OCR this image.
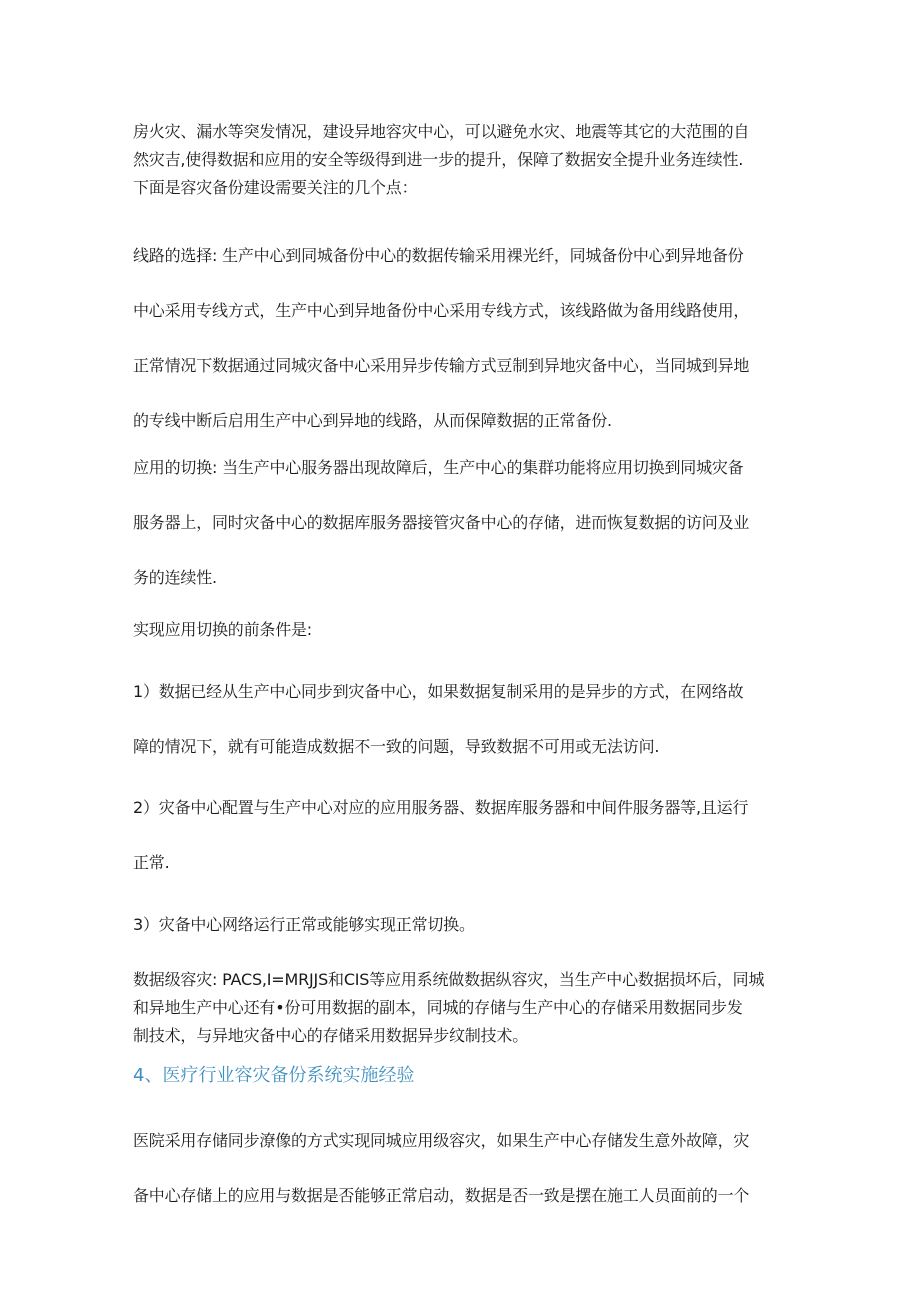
房火灾、漏水等突发情况，建设异地容灾中心，可以避免水灾、地震等其它的大范围的自
然灾吉,使得数据和应用的安全等级得到进一步的提升，保障了数据安全提升业务连续性.
下面是容灾备份建设需要关注的几个点：
线路的选择: 生产中心到同城备份中心的数据传输采用裸光纤，同城备份中心到异地备份
中心采用专线方式，生产中心到异地备份中心采用专线方式，该线路做为备用线路使用，
正常情况下数据通过同城灾备中心采用异步传输方式豆制到异地灾备中心，当同城到异地
的专线中断后启用生产中心到异地的线路，从而保障数据的正常备份.
应用的切换: 当生产中心服务器出现故障后，生产中心的集群功能将应用切换到同城灾备
服务器上，同时灾备中心的数据库服务器接管灾备中心的存储，进而恢复数据的访问及业
务的连续性.
实现应用切换的前条件是:
1）数据已经从生产中心同步到灾备中心，如果数据复制采用的是异步的方式，在网络故
障的情况下，就有可能造成数据不一致的问题，导致数据不可用或无法访问.
2）灾备中心配置与生产中心对应的应用服务器、数据库服务器和中间件服务器等,且运行
正常.
3）灾备中心网络运行正常或能够实现正常切换。
数据级容灾: PACS,I=MRJJS和CIS等应用系统做数据纵容灾，当生产中心数据损坏后，同城
和异地生产中心还有•份可用数据的副本，同城的存储与生产中心的存储采用数据同步发
制技术，与异地灾备中心的存储采用数据异步纹制技术。
4、医疗行业容灾备份系统实施经验
医院采用存储同步潦像的方式实现同城应用级容灾，如果生产中心存储发生意外故障，灾
备中心存储上的应用与数据是否能够正常启动，数据是否一致是摆在施工人员面前的一个
